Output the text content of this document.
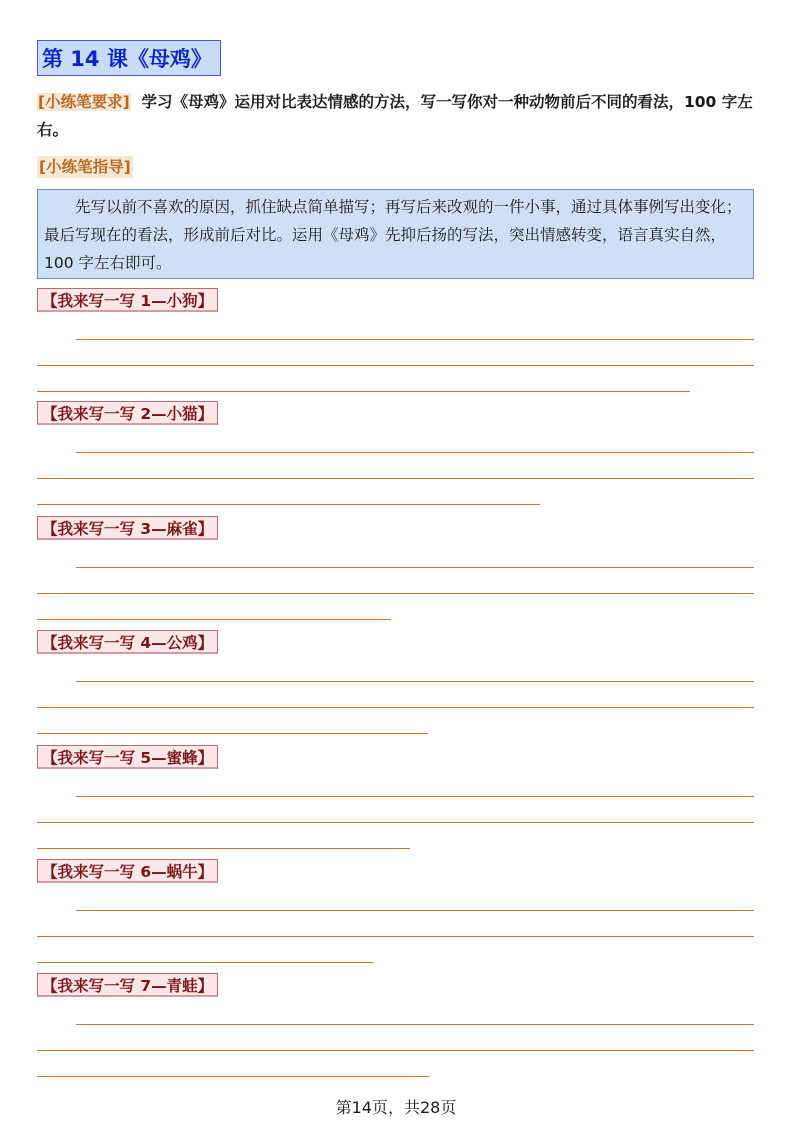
第 14 课《母鸡》
[小练笔要求] 学习《母鸡》运用对比表达情感的方法，写一写你对一种动物前后不同的看法，100 字左右。
[小练笔指导]

先写以前不喜欢的原因，抓住缺点简单描写；再写后来改观的一件小事，通过具体事例写出变化；最后写现在的看法，形成前后对比。运用《母鸡》先抑后扬的写法，突出情感转变，语言真实自然，100 字左右即可。

【我来写一写 1—小狗】
【我来写一写 2—小猫】
【我来写一写 3—麻雀】
【我来写一写 4—公鸡】
【我来写一写 5—蜜蜂】
【我来写一写 6—蜗牛】
【我来写一写 7—青蛙】
第14页，共28页
